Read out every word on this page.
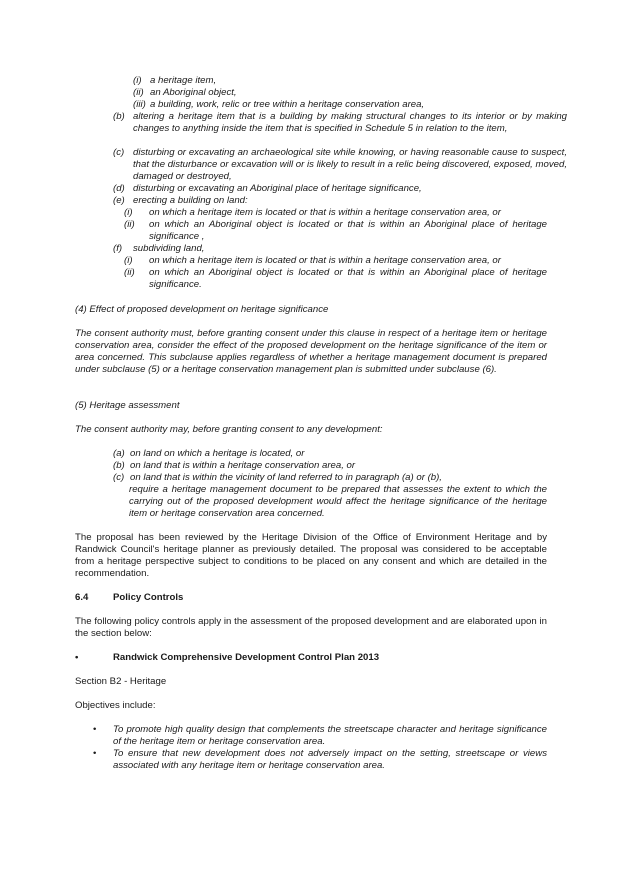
(i) a heritage item,
(ii) an Aboriginal object,
(iii) a building, work, relic or tree within a heritage conservation area,
(b) altering a heritage item that is a building by making structural changes to its interior or by making changes to anything inside the item that is specified in Schedule 5 in relation to the item,
(c) disturbing or excavating an archaeological site while knowing, or having reasonable cause to suspect, that the disturbance or excavation will or is likely to result in a relic being discovered, exposed, moved, damaged or destroyed,
(d) disturbing or excavating an Aboriginal place of heritage significance,
(e) erecting a building on land:
(i) on which a heritage item is located or that is within a heritage conservation area, or
(ii) on which an Aboriginal object is located or that is within an Aboriginal place of heritage significance ,
(f) subdividing land,
(i) on which a heritage item is located or that is within a heritage conservation area, or
(ii) on which an Aboriginal object is located or that is within an Aboriginal place of heritage significance.
(4) Effect of proposed development on heritage significance
The consent authority must, before granting consent under this clause in respect of a heritage item or heritage conservation area, consider the effect of the proposed development on the heritage significance of the item or area concerned. This subclause applies regardless of whether a heritage management document is prepared under subclause (5) or a heritage conservation management plan is submitted under subclause (6).
(5) Heritage assessment
The consent authority may, before granting consent to any development:
(a) on land on which a heritage is located, or
(b) on land that is within a heritage conservation area, or
(c) on land that is within the vicinity of land referred to in paragraph (a) or (b),
require a heritage management document to be prepared that assesses the extent to which the carrying out of the proposed development would affect the heritage significance of the heritage item or heritage conservation area concerned.
The proposal has been reviewed by the Heritage Division of the Office of Environment Heritage and by Randwick Council's heritage planner as previously detailed. The proposal was considered to be acceptable from a heritage perspective subject to conditions to be placed on any consent and which are detailed in the recommendation.
6.4	Policy Controls
The following policy controls apply in the assessment of the proposed development and are elaborated upon in the section below:
•	Randwick Comprehensive Development Control Plan 2013
Section B2 - Heritage
Objectives include:
• To promote high quality design that complements the streetscape character and heritage significance of the heritage item or heritage conservation area.
• To ensure that new development does not adversely impact on the setting, streetscape or views associated with any heritage item or heritage conservation area.
